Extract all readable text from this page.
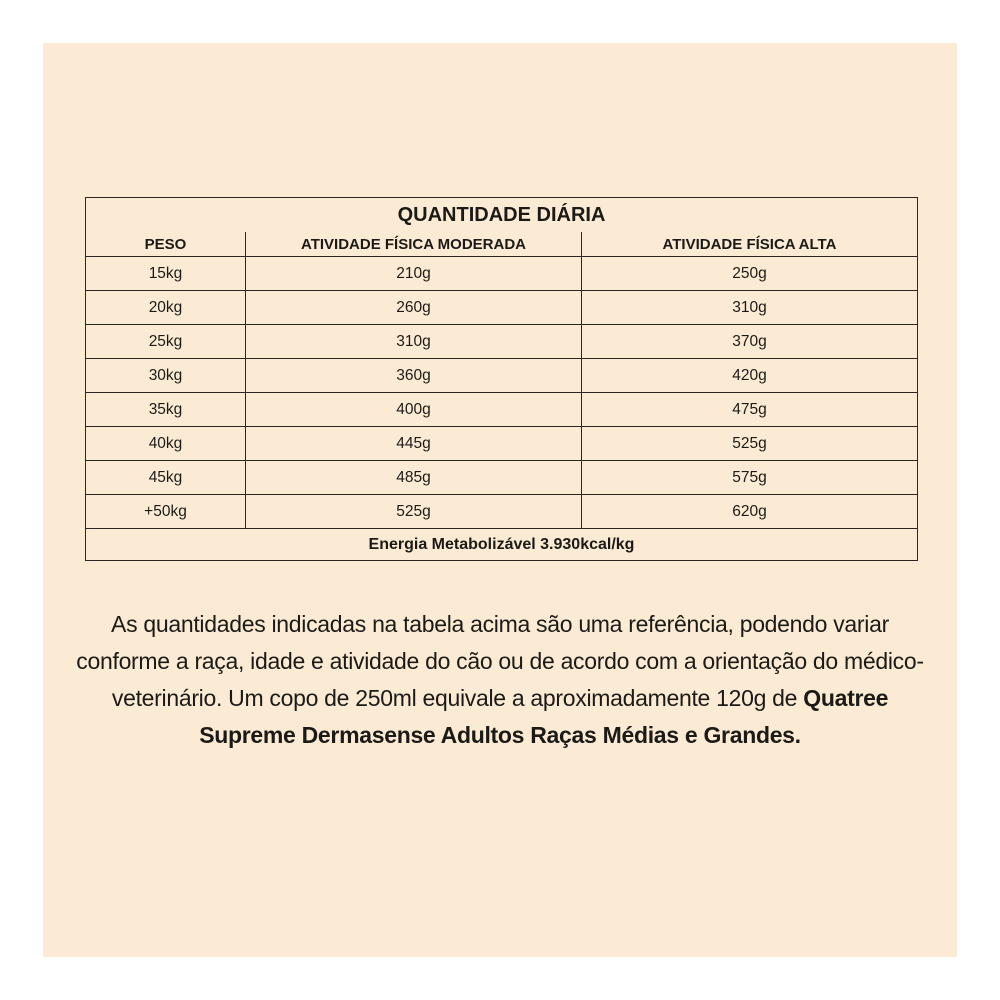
QUANTIDADE DIÁRIA		
PESO	ATIVIDADE FÍSICA MODERADA	ATIVIDADE FÍSICA ALTA
15kg	210g	250g
20kg	260g	310g
25kg	310g	370g
30kg	360g	420g
35kg	400g	475g
40kg	445g	525g
45kg	485g	575g
+50kg	525g	620g
Energia Metabolizável 3.930kcal/kg		

As quantidades indicadas na tabela acima são uma referência, podendo variar conforme a raça, idade e atividade do cão ou de acordo com a orientação do médico-veterinário. Um copo de 250ml equivale a aproximadamente 120g de Quatree Supreme Dermasense Adultos Raças Médias e Grandes.
